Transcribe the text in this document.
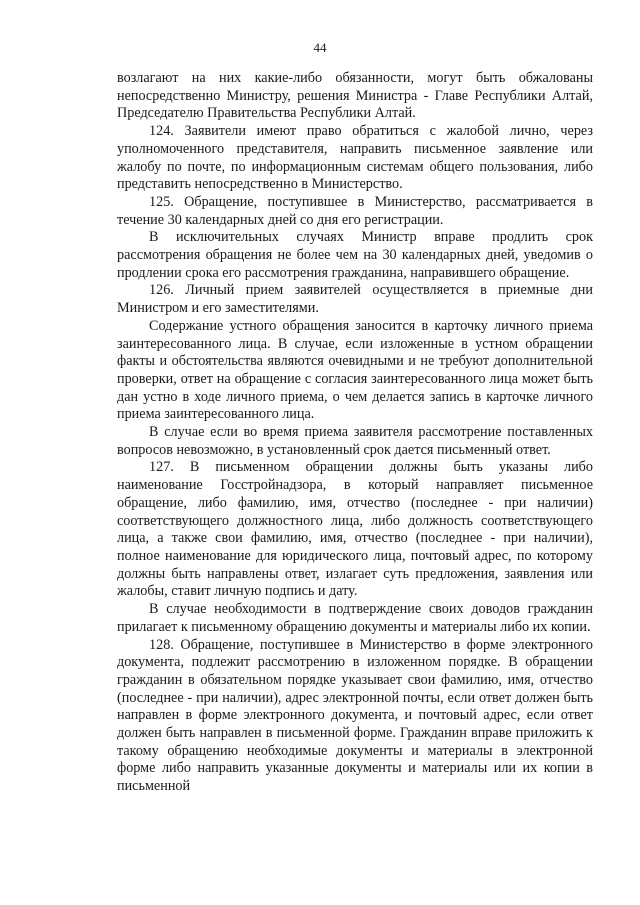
44

возлагают на них какие-либо обязанности, могут быть обжалованы непосредственно Министру, решения Министра - Главе Республики Алтай, Председателю Правительства Республики Алтай.

124. Заявители имеют право обратиться с жалобой лично, через уполномоченного представителя, направить письменное заявление или жалобу по почте, по информационным системам общего пользования, либо представить непосредственно в Министерство.

125. Обращение, поступившее в Министерство, рассматривается в течение 30 календарных дней со дня его регистрации.

В исключительных случаях Министр вправе продлить срок рассмотрения обращения не более чем на 30 календарных дней, уведомив о продлении срока его рассмотрения гражданина, направившего обращение.

126. Личный прием заявителей осуществляется в приемные дни Министром и его заместителями.

Содержание устного обращения заносится в карточку личного приема заинтересованного лица. В случае, если изложенные в устном обращении факты и обстоятельства являются очевидными и не требуют дополнительной проверки, ответ на обращение с согласия заинтересованного лица может быть дан устно в ходе личного приема, о чем делается запись в карточке личного приема заинтересованного лица.

В случае если во время приема заявителя рассмотрение поставленных вопросов невозможно, в установленный срок дается письменный ответ.

127. В письменном обращении должны быть указаны либо наименование Госстройнадзора, в который направляет письменное обращение, либо фамилию, имя, отчество (последнее - при наличии) соответствующего должностного лица, либо должность соответствующего лица, а также свои фамилию, имя, отчество (последнее - при наличии), полное наименование для юридического лица, почтовый адрес, по которому должны быть направлены ответ, излагает суть предложения, заявления или жалобы, ставит личную подпись и дату.

В случае необходимости в подтверждение своих доводов гражданин прилагает к письменному обращению документы и материалы либо их копии.

128. Обращение, поступившее в Министерство в форме электронного документа, подлежит рассмотрению в изложенном порядке. В обращении гражданин в обязательном порядке указывает свои фамилию, имя, отчество (последнее - при наличии), адрес электронной почты, если ответ должен быть направлен в форме электронного документа, и почтовый адрес, если ответ должен быть направлен в письменной форме. Гражданин вправе приложить к такому обращению необходимые документы и материалы в электронной форме либо направить указанные документы и материалы или их копии в письменной
